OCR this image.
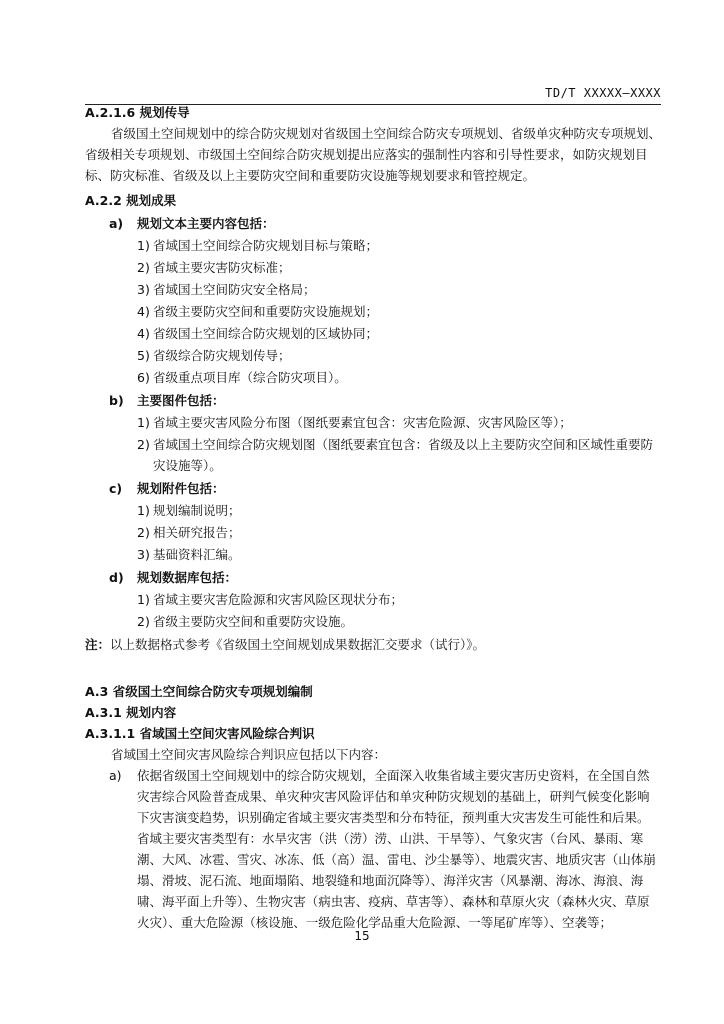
TD/T XXXXX—XXXX

A.2.1.6 规划传导

省级国土空间规划中的综合防灾规划对省级国土空间综合防灾专项规划、省级单灾种防灾专项规划、省级相关专项规划、市级国土空间综合防灾规划提出应落实的强制性内容和引导性要求，如防灾规划目标、防灾标准、省级及以上主要防灾空间和重要防灾设施等规划要求和管控规定。

A.2.2 规划成果

a)	规划文本主要内容包括：
1) 省域国土空间综合防灾规划目标与策略；
2) 省域主要灾害防灾标准；
3) 省域国土空间防灾安全格局；
4) 省级主要防灾空间和重要防灾设施规划；
4) 省级国土空间综合防灾规划的区域协同；
5) 省级综合防灾规划传导；
6) 省级重点项目库（综合防灾项目）。
b)	主要图件包括：
1) 省域主要灾害风险分布图（图纸要素宜包含：灾害危险源、灾害风险区等）；
2) 省域国土空间综合防灾规划图（图纸要素宜包含：省级及以上主要防灾空间和区域性重要防灾设施等）。
c)	规划附件包括：
1) 规划编制说明；
2) 相关研究报告；
3) 基础资料汇编。
d)	规划数据库包括：
1) 省域主要灾害危险源和灾害风险区现状分布；
2) 省级主要防灾空间和重要防灾设施。

注：以上数据格式参考《省级国土空间规划成果数据汇交要求（试行）》。

A.3 省级国土空间综合防灾专项规划编制

A.3.1 规划内容

A.3.1.1 省域国土空间灾害风险综合判识

省域国土空间灾害风险综合判识应包括以下内容：

a)	依据省级国土空间规划中的综合防灾规划，全面深入收集省域主要灾害历史资料，在全国自然灾害综合风险普查成果、单灾种灾害风险评估和单灾种防灾规划的基础上，研判气候变化影响下灾害演变趋势，识别确定省域主要灾害类型和分布特征，预判重大灾害发生可能性和后果。省域主要灾害类型有：水旱灾害（洪（涝）涝、山洪、干旱等）、气象灾害（台风、暴雨、寒潮、大风、冰雹、雪灾、冰冻、低（高）温、雷电、沙尘暴等）、地震灾害、地质灾害（山体崩塌、滑坡、泥石流、地面塌陷、地裂缝和地面沉降等）、海洋灾害（风暴潮、海冰、海浪、海啸、海平面上升等）、生物灾害（病虫害、疫病、草害等）、森林和草原火灾（森林火灾、草原火灾）、重大危险源（核设施、一级危险化学品重大危险源、一等尾矿库等）、空袭等；
15
